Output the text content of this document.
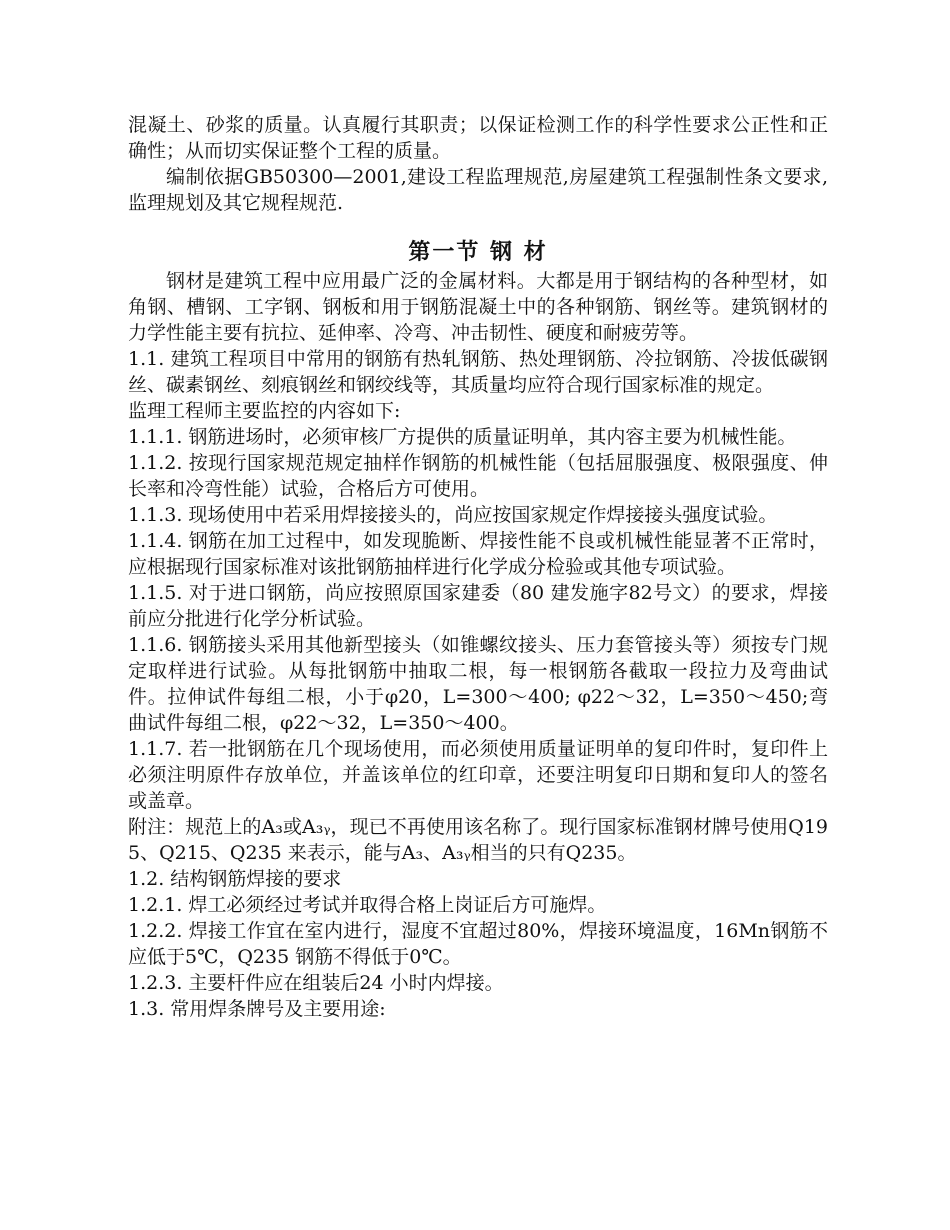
混凝土、砂浆的质量。认真履行其职责；以保证检测工作的科学性要求公正性和正确性；从而切实保证整个工程的质量。

编制依据GB50300—2001,建设工程监理规范,房屋建筑工程强制性条文要求,监理规划及其它规程规范.

第一节 钢 材

钢材是建筑工程中应用最广泛的金属材料。大都是用于钢结构的各种型材，如角钢、槽钢、工字钢、钢板和用于钢筋混凝土中的各种钢筋、钢丝等。建筑钢材的力学性能主要有抗拉、延伸率、冷弯、冲击韧性、硬度和耐疲劳等。

1.1. 建筑工程项目中常用的钢筋有热轧钢筋、热处理钢筋、冷拉钢筋、冷拔低碳钢丝、碳素钢丝、刻痕钢丝和钢绞线等，其质量均应符合现行国家标准的规定。

监理工程师主要监控的内容如下:

1.1.1. 钢筋进场时，必须审核厂方提供的质量证明单，其内容主要为机械性能。

1.1.2. 按现行国家规范规定抽样作钢筋的机械性能（包括屈服强度、极限强度、伸长率和冷弯性能）试验，合格后方可使用。

1.1.3. 现场使用中若采用焊接接头的，尚应按国家规定作焊接接头强度试验。

1.1.4. 钢筋在加工过程中，如发现脆断、焊接性能不良或机械性能显著不正常时，应根据现行国家标准对该批钢筋抽样进行化学成分检验或其他专项试验。

1.1.5. 对于进口钢筋，尚应按照原国家建委（80 建发施字82号文）的要求，焊接前应分批进行化学分析试验。

1.1.6. 钢筋接头采用其他新型接头（如锥螺纹接头、压力套管接头等）须按专门规定取样进行试验。从每批钢筋中抽取二根，每一根钢筋各截取一段拉力及弯曲试件。拉伸试件每组二根，小于φ20，L=300～400; φ22～32，L=350～450;弯曲试件每组二根，φ22～32，L=350～400。

1.1.7. 若一批钢筋在几个现场使用，而必须使用质量证明单的复印件时，复印件上必须注明原件存放单位，并盖该单位的红印章，还要注明复印日期和复印人的签名或盖章。

附注：规范上的A₃或A₃ᵧ，现已不再使用该名称了。现行国家标准钢材牌号使用Q195、Q215、Q235 来表示，能与A₃、A₃ᵧ相当的只有Q235。

1.2. 结构钢筋焊接的要求

1.2.1. 焊工必须经过考试并取得合格上岗证后方可施焊。

1.2.2. 焊接工作宜在室内进行，湿度不宜超过80%，焊接环境温度，16Mn钢筋不应低于5℃，Q235 钢筋不得低于0℃。

1.2.3. 主要杆件应在组装后24 小时内焊接。

1.3. 常用焊条牌号及主要用途:
